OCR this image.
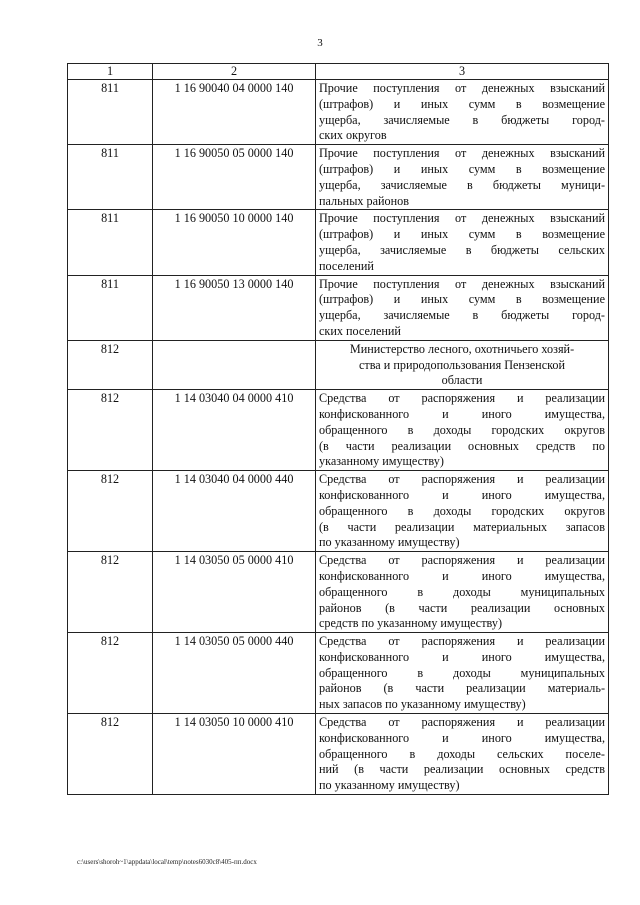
3
1	2	3
811	1 16 90040 04 0000 140	Прочие поступления от денежных взысканий
(штрафов) и иных сумм в возмещение
ущерба, зачисляемые в бюджеты город-
ских округов

811	1 16 90050 05 0000 140	Прочие поступления от денежных взысканий
(штрафов) и иных сумм в возмещение
ущерба, зачисляемые в бюджеты муници-
пальных районов

811	1 16 90050 10 0000 140	Прочие поступления от денежных взысканий
(штрафов) и иных сумм в возмещение
ущерба, зачисляемые в бюджеты сельских
поселений

811	1 16 90050 13 0000 140	Прочие поступления от денежных взысканий
(штрафов) и иных сумм в возмещение
ущерба, зачисляемые в бюджеты город-
ских поселений

812		Министерство лесного, охотничьего хозяй-
ства и природопользования Пензенской
области

812	1 14 03040 04 0000 410	Средства от распоряжения и реализации
конфискованного и иного имущества,
обращенного в доходы городских округов
(в части реализации основных средств по
указанному имуществу)

812	1 14 03040 04 0000 440	Средства от распоряжения и реализации
конфискованного и иного имущества,
обращенного в доходы городских округов
(в части реализации материальных запасов
по указанному имуществу)

812	1 14 03050 05 0000 410	Средства от распоряжения и реализации
конфискованного и иного имущества,
обращенного в доходы муниципальных
районов (в части реализации основных
средств по указанному имуществу)

812	1 14 03050 05 0000 440	Средства от распоряжения и реализации
конфискованного и иного имущества,
обращенного в доходы муниципальных
районов (в части реализации материаль-
ных запасов по указанному имуществу)

812	1 14 03050 10 0000 410	Средства от распоряжения и реализации
конфискованного и иного имущества,
обращенного в доходы сельских поселе-
ний (в части реализации основных средств
по указанному имуществу)
c:\users\shoroh~1\appdata\local\temp\notes6030c8\405-пп.docx
